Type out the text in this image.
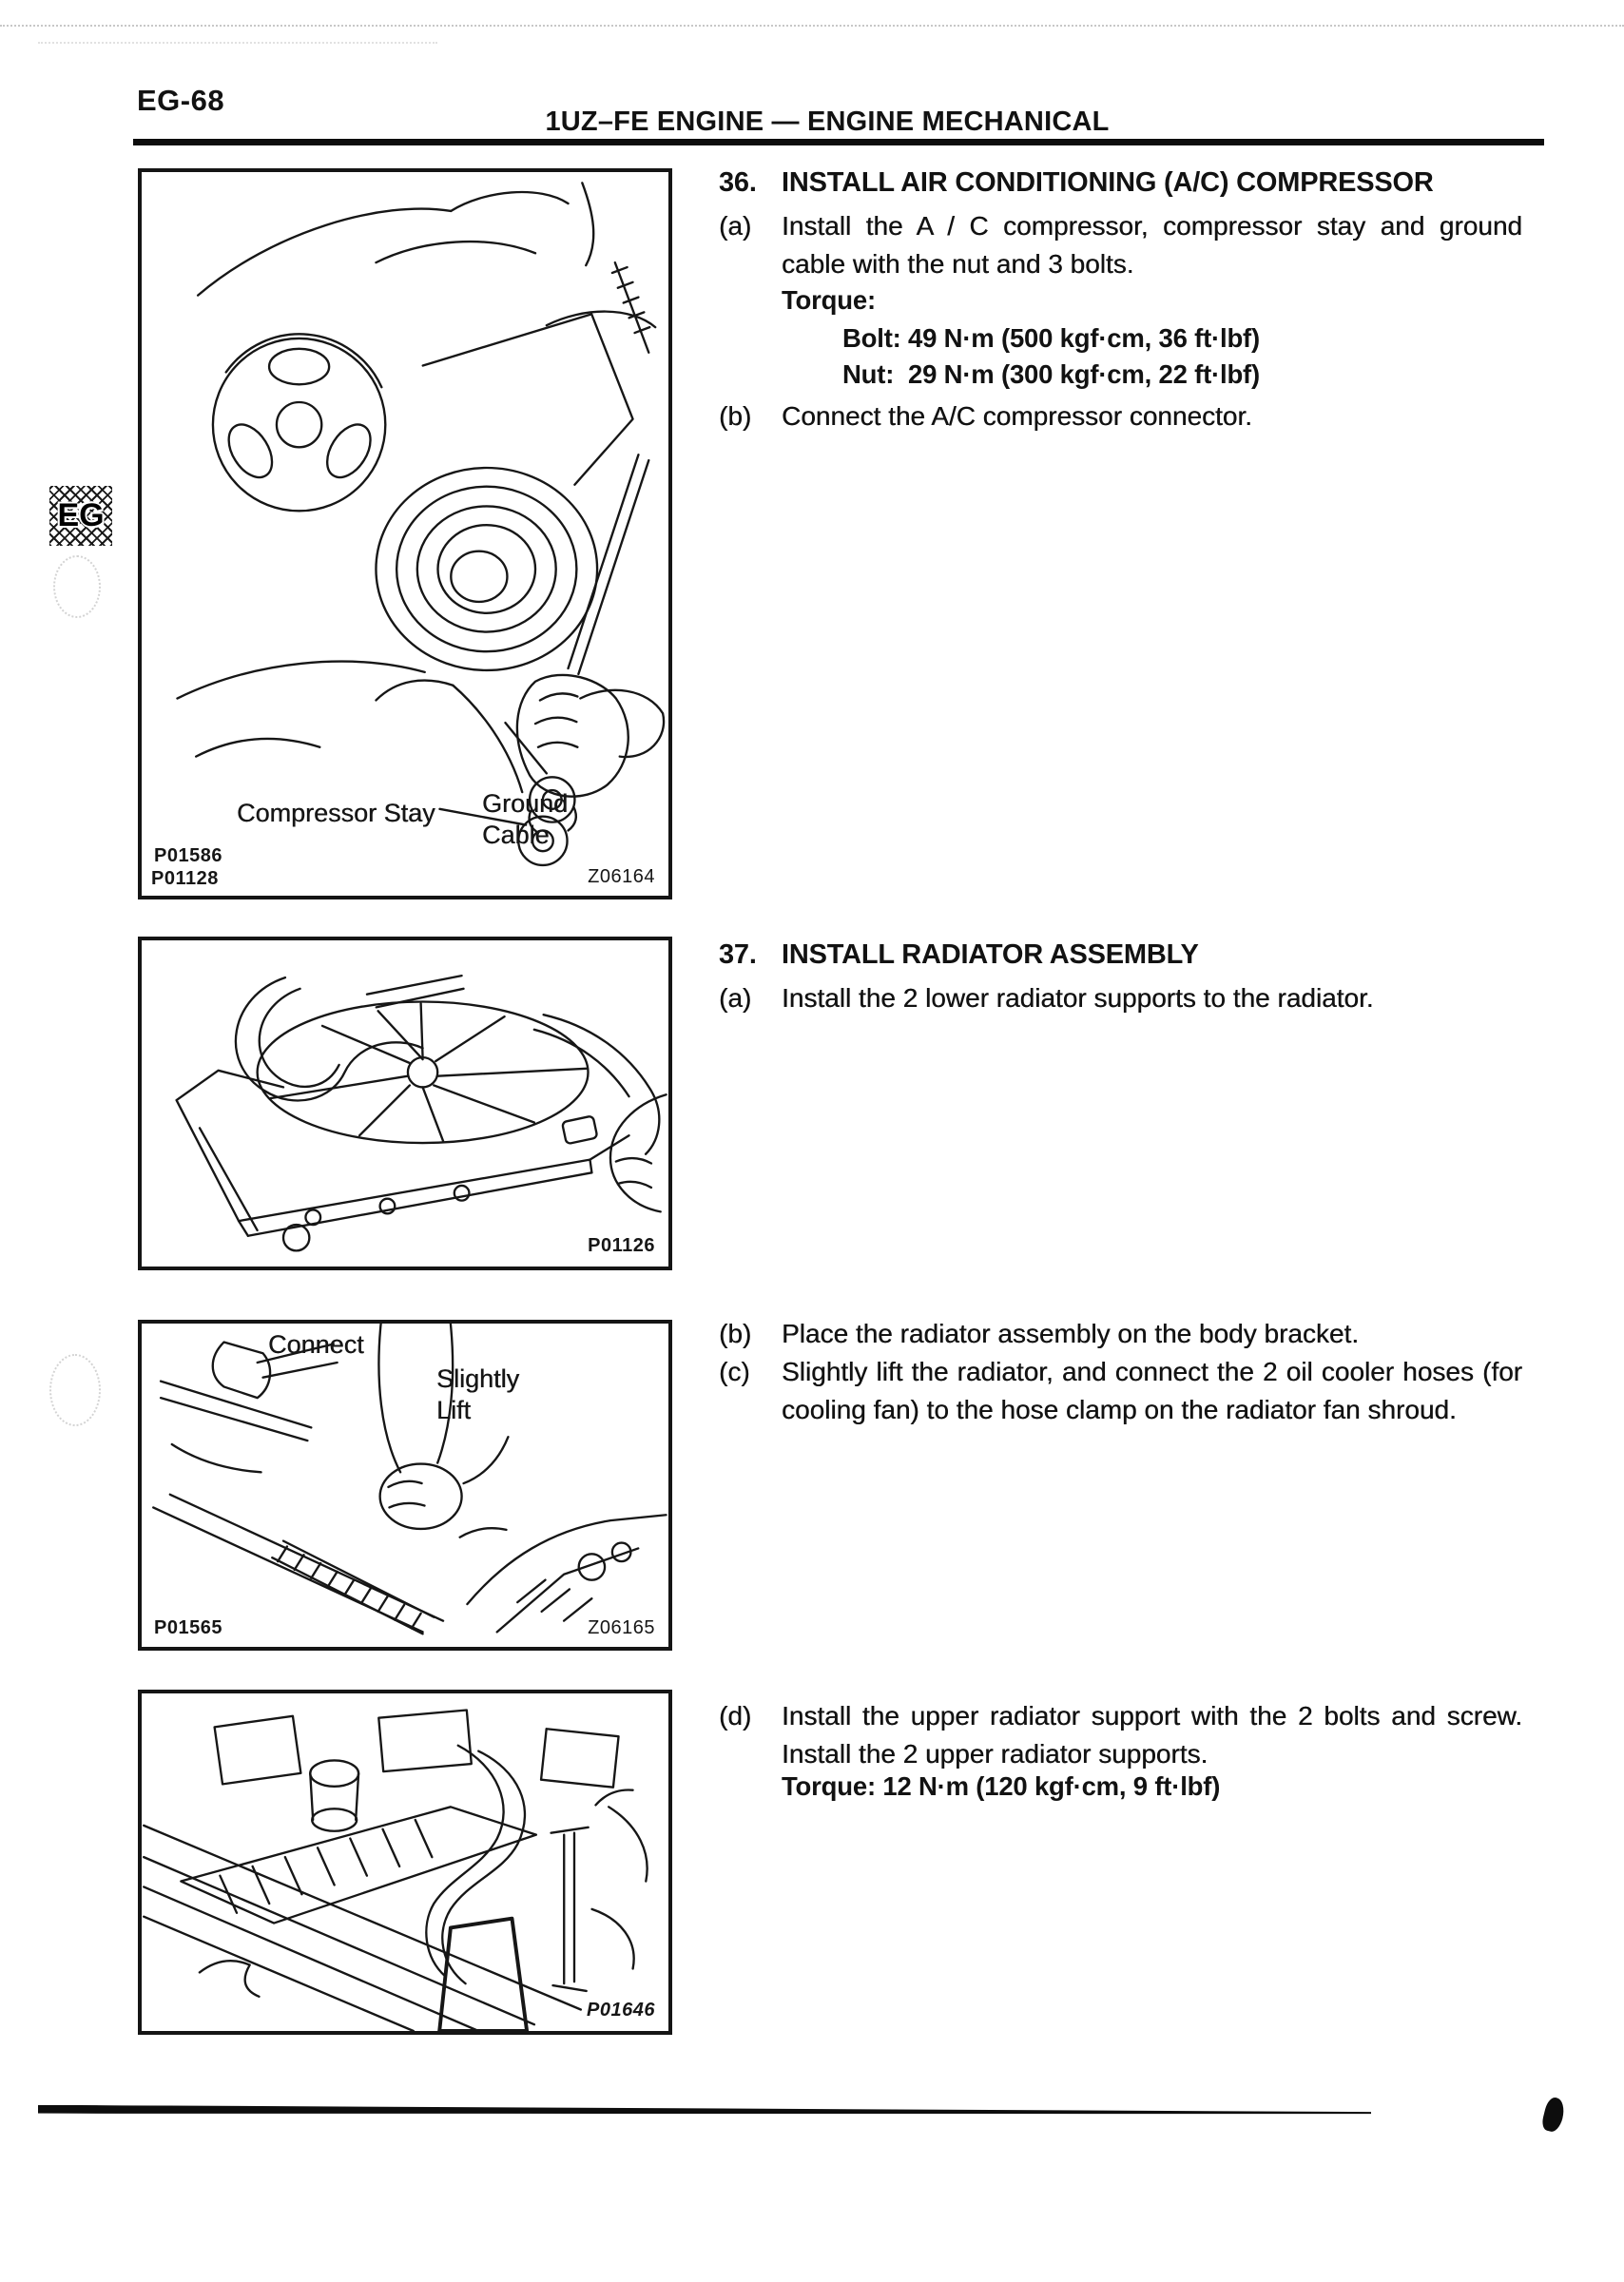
EG-68
1UZ–FE ENGINE — ENGINE MECHANICAL
EG
Compressor Stay	Ground Cable
P01586
P01128	Z06164
P01126
Connect
Slightly Lift
P01565	Z06165
P01646
36. INSTALL AIR CONDITIONING (A/C) COMPRESSOR
(a)	Install the A / C compressor, compressor stay and ground cable with the nut and 3 bolts.
Torque:
Bolt: 49 N·m (500 kgf·cm, 36 ft·lbf)
Nut:  29 N·m (300 kgf·cm, 22 ft·lbf)
(b)	Connect the A/C compressor connector.
37. INSTALL RADIATOR ASSEMBLY
(a)	Install the 2 lower radiator supports to the radiator.
(b)	Place the radiator assembly on the body bracket.
(c)	Slightly lift the radiator, and connect the 2 oil cooler hoses (for cooling fan) to the hose clamp on the radiator fan shroud.
(d)	Install the upper radiator support with the 2 bolts and screw. Install the 2 upper radiator supports.
Torque: 12 N·m (120 kgf·cm, 9 ft·lbf)
